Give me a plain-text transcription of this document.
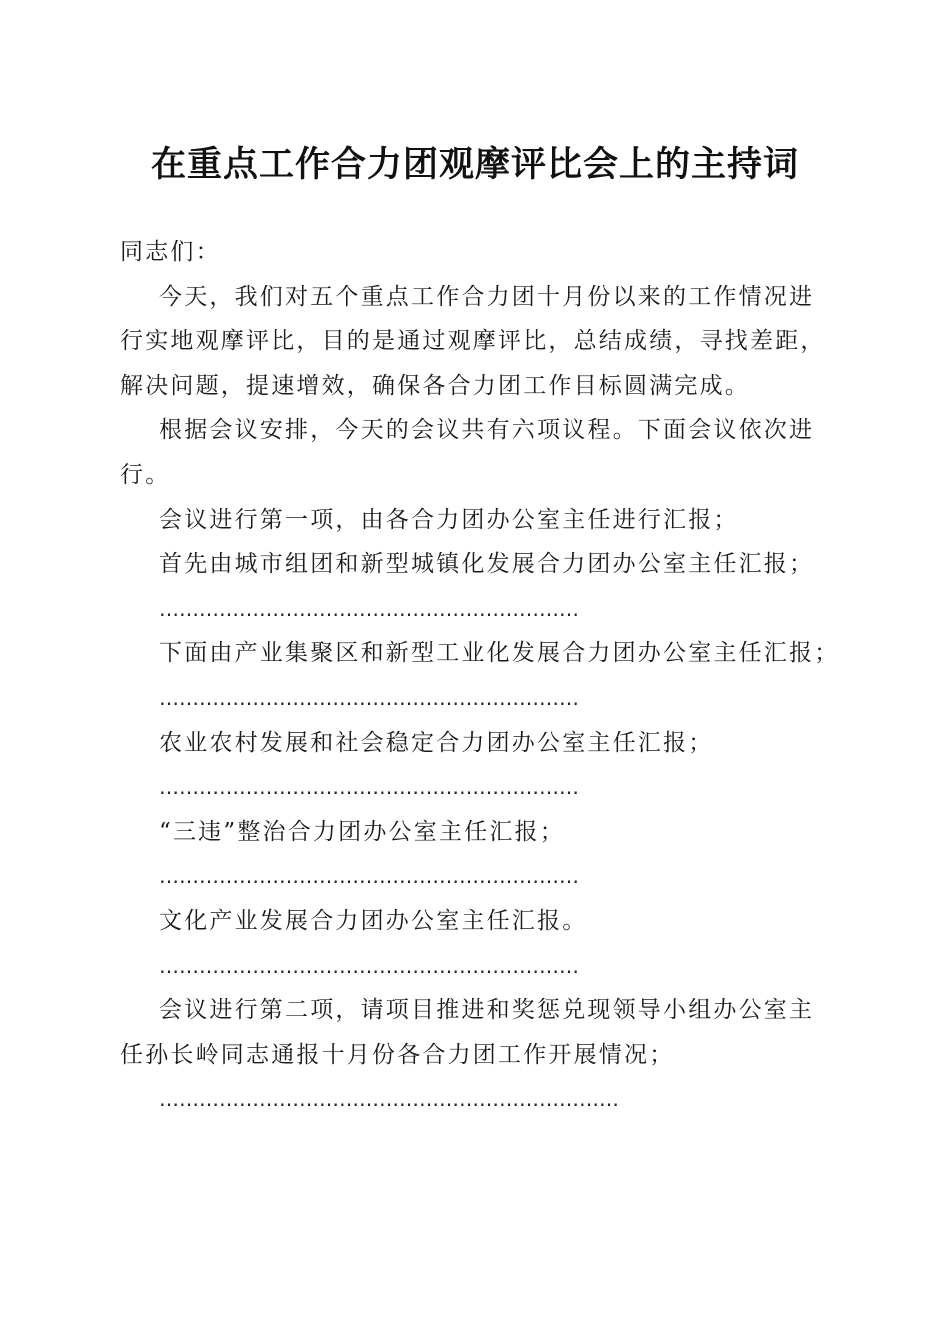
在重点工作合力团观摩评比会上的主持词
同志们：
今天，我们对五个重点工作合力团十月份以来的工作情况进
行实地观摩评比，目的是通过观摩评比，总结成绩，寻找差距，
解决问题，提速增效，确保各合力团工作目标圆满完成。
根据会议安排，今天的会议共有六项议程。下面会议依次进
行。
会议进行第一项，由各合力团办公室主任进行汇报；
首先由城市组团和新型城镇化发展合力团办公室主任汇报；
………………………………………………………
下面由产业集聚区和新型工业化发展合力团办公室主任汇报；
………………………………………………………
农业农村发展和社会稳定合力团办公室主任汇报；
………………………………………………………
“三违”整治合力团办公室主任汇报；
………………………………………………………
文化产业发展合力团办公室主任汇报。
………………………………………………………
会议进行第二项，请项目推进和奖惩兑现领导小组办公室主
任孙长岭同志通报十月份各合力团工作开展情况；
……………………………………………………………
